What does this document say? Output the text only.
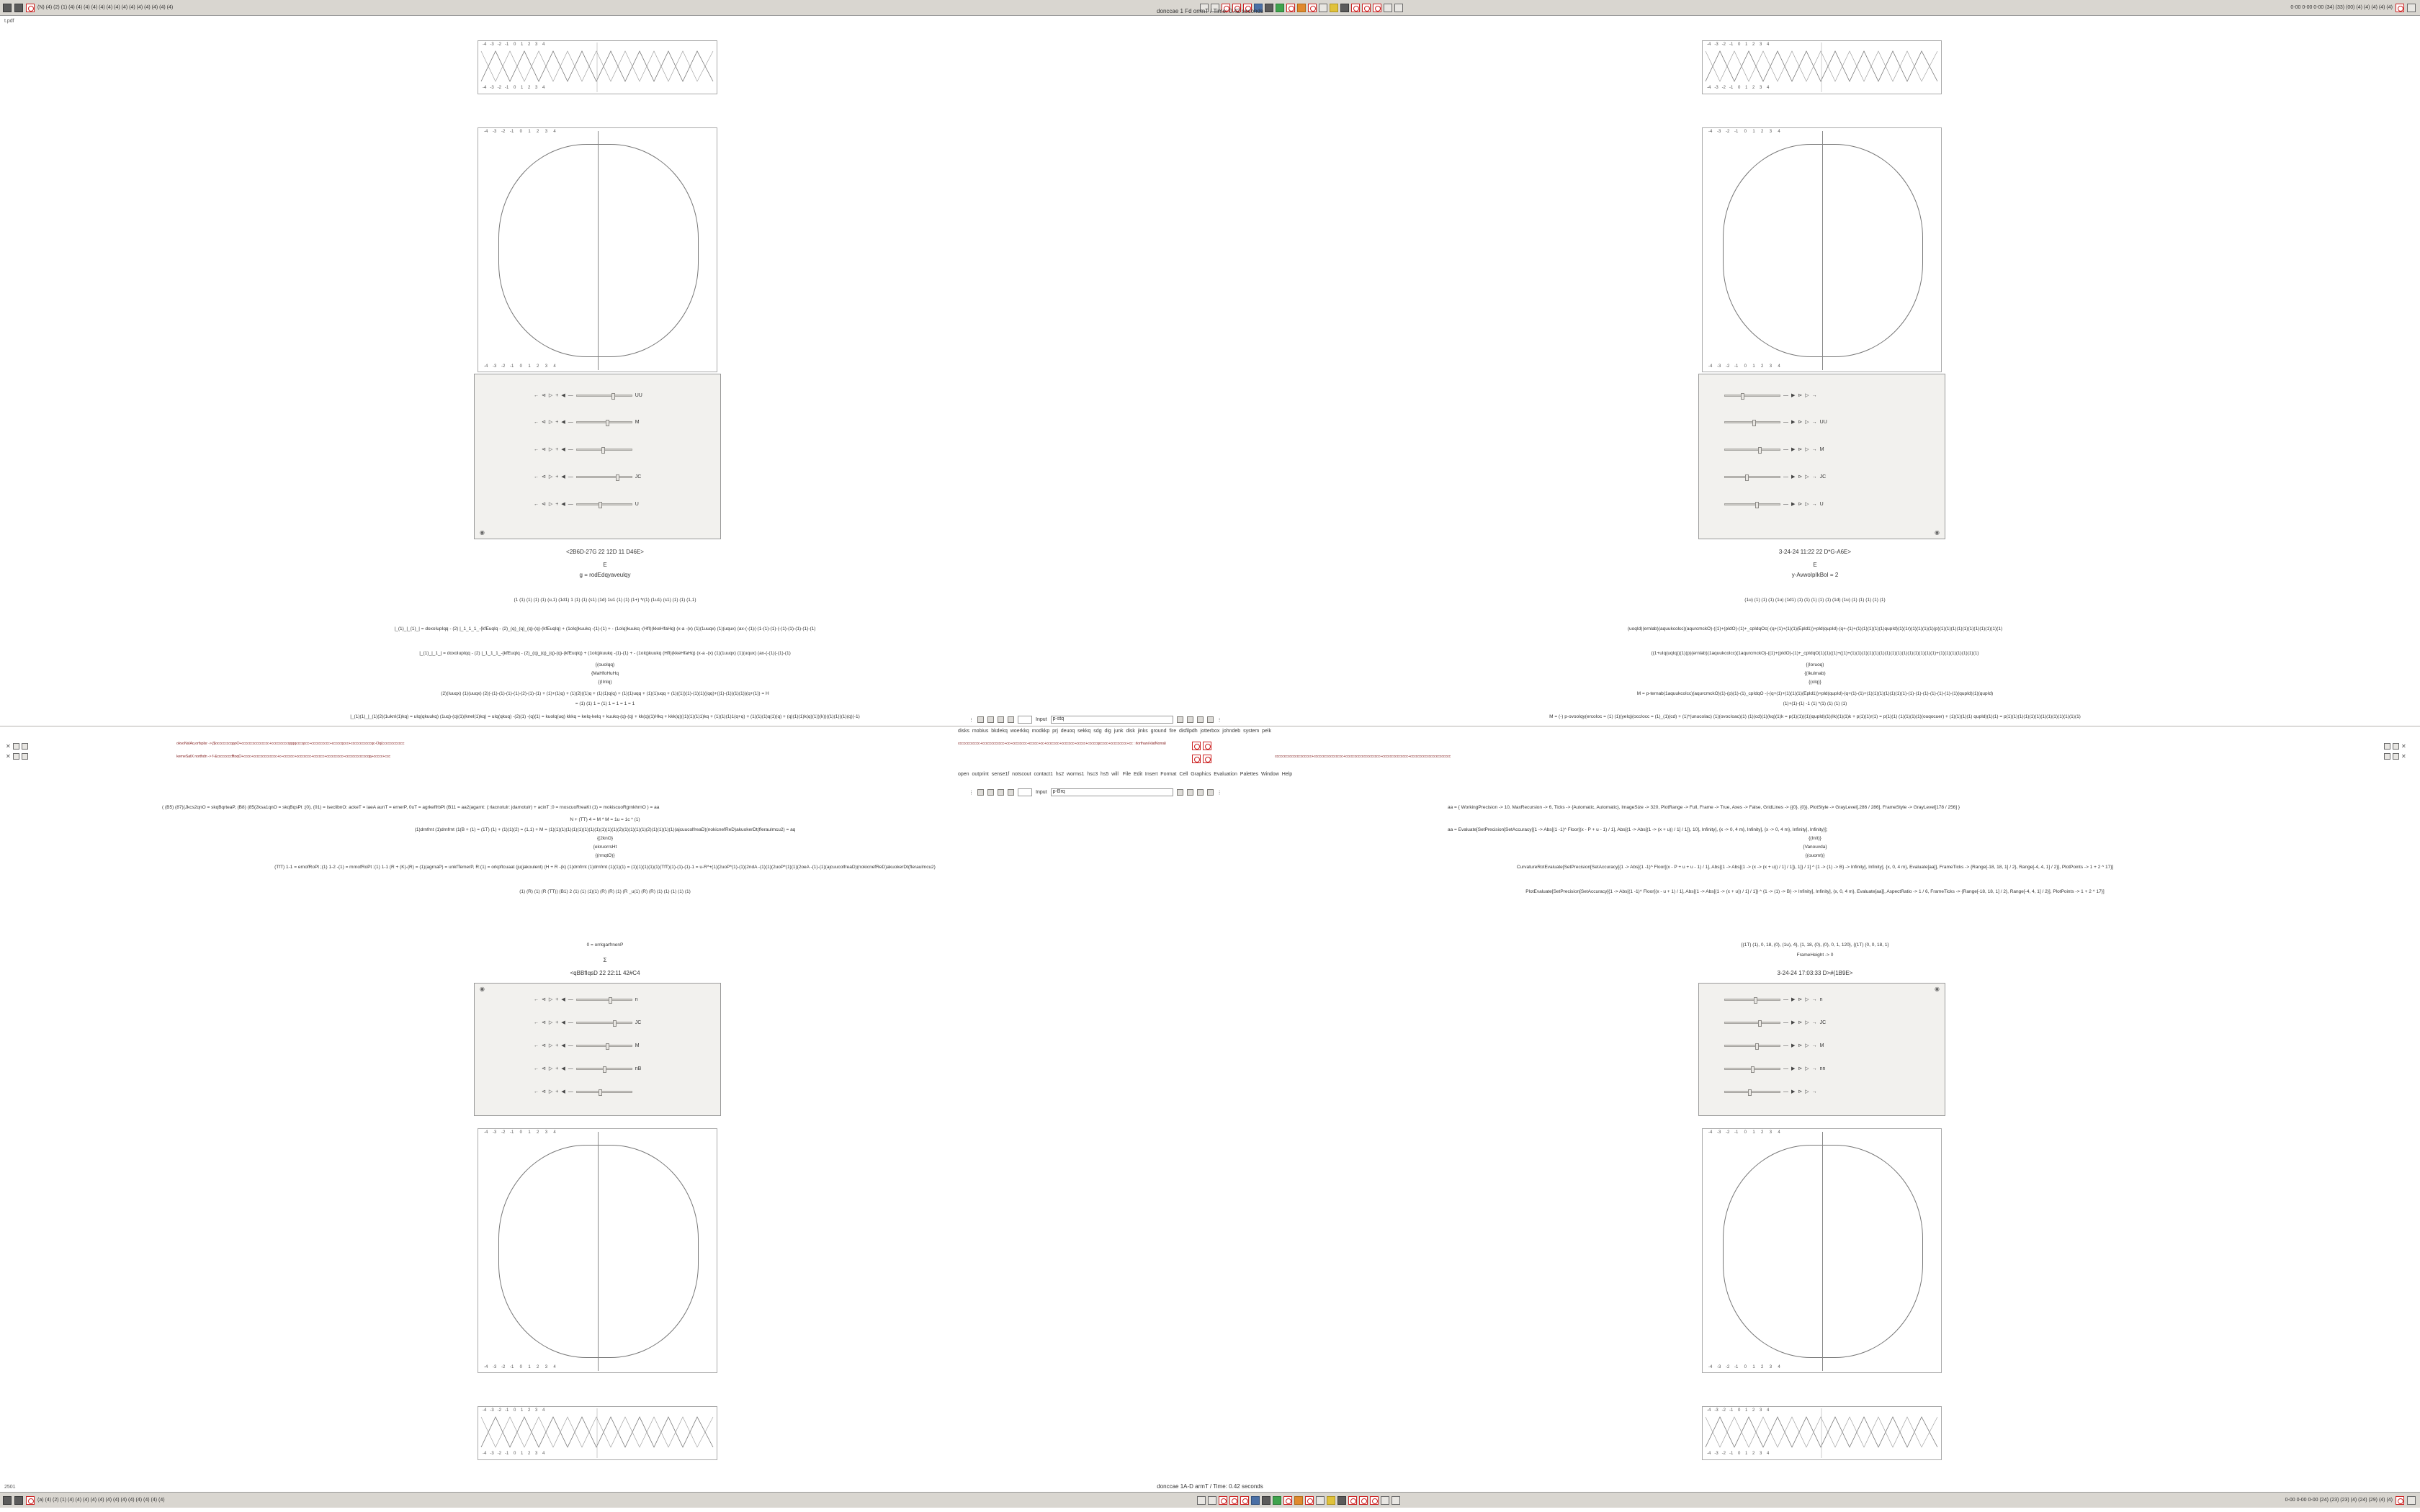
(N) (4) (2) (1) (4) (4) (4) (4) (4) (4) (4) (4) (4) (4) (4) (4) (4) (4)	0-00 0-00 0-00 (34) (33) (00) (4) (4) (4) (4) (4)
donccae 1 Fd orrmT / Time: 0.42 seconds
t.pdf
-4   -3   -2   -1    0    1    2    3    4
-4   -3   -2   -1    0    1    2    3    4
-4    -3    -2    -1     0     1     2     3     4
-4    -3    -2    -1     0     1     2     3     4
← ⊲ ▷ + ◀ —	UU
← ⊲ ▷ + ◀ —	M
← ⊲ ▷ + ◀ —
← ⊲ ▷ + ◀ —	JC
← ⊲ ▷ + ◀ —	U
◉
<2B6D-27G 22 12D 11 D46E>
E
g = rodEdqyaveulqy
(1 (1) (1) (1) (1) (u,1) (1d1) 1 (1) (1) (s1) (1d) 1u1 (1) (1) (1+) *r(1) (1u1) (s1) (1) (1) (1,1)
|_(1)_|_(1)_| = doxoIupIqq - (2) |_1_1_1_-{kfEuqIq - (2)_(q)_(q)_(q)-(q)-(kfEuqIq) + (1oIq)kuukq -(1)-(1) + - (1oIq)kuukq -(HfI)(kkeHfaHq) (x-a -(x) (1)(1uuqx) (1)(uqux) (ax-(-(1)(-(1-(1)-(1)-(-(1)-(1)-(1)-(1)-(1)
|_(1)_|_1_| = doxoIupIqq - (2) |_1_1_1_-{kfEuqIq - (2)_(q)_(q)_(q)-(q)-(kfEuqIq) + (1oIq)kuukq -(1)-(1) + - (1oIq)kuukq (HfI)(kkeHfaHq) (x-a -(x) (1)(1uuqx) (1)(uqux) (ax-(-(1)(-(1)-(1)
{(ouoIqq)
{MaHfoHuHq
{(IInIq)
(2)(Iuuqx) (1)(uuqx) (2)(-(1)-(1)-(1)-(1)-(2)-(1)-(1) + (1)+(1)q) + (1)(2)((1)q + (1)(1)q(q) + (1)(1)uqq + (1)(1)uqq + (1)((1))(1)-(1)(1)((qq)+((1)-(1))(1)(1))(q+(1)) = H
= (1) (1) 1 = (1) 1 = 1 = 1 = 1
|_(1)(1)_|_(1)(2)(1uknI(1)kq) = uIq(qkuukq) (1uq)-(q)(1)(kneI(1)kq) = uIq(qkuq) -(2)(1) -(q)(1) = kuoIq(uq) kkkq = keIq-keIq + kuukq-(q)-(q) + kk(q)(1)Hkq + kkk(q)((1)(1)(1)1)kq + (1)(1)(1)1(q+q) + (1)(1)(1)q(1)(q) + (q)(1)(1)k(q)(1))(k))((1)(1))(1)(q)(-1)
-4   -3   -2   -1    0    1    2    3    4
-4   -3   -2   -1    0    1    2    3    4
-4    -3    -2    -1     0     1     2     3     4
-4    -3    -2    -1     0     1     2     3     4
— ▶ ⊳ ▷ →
— ▶ ⊳ ▷ → UU
— ▶ ⊳ ▷ → M
— ▶ ⊳ ▷ → JC
— ▶ ⊳ ▷ → U
◉
3-24-24 11:22 22 D*G-A6E>
E
y-AvwoIpIkBoI = 2
(1u) (1) (1) (1) (1u) (1d1) (1) (1) (1) (1) (1) (1d) (1u) (1) (1) (1) (1) (1)
(uoqId)(ernlab)(aquukcolcc)(aqurcmckO)-((1)+(pIdO)-(1)+_cpIdqOc(-(q+(1)+(1)(1)(Epld1))+pld(qupId)-(q+-(1)+(1)(1)(1)(1)(1)qupId)(1)(1r)(1)(1)(1)(1)(p)(1)(1)(1)(1)(1)(1)(1)(1)(1)(1)(1)
((1+uIq(uqIq))(1)(p)(ernlab)(1aquukcolcc)(1aqurcmckO)-((1)+(pIdO)-(1)+_cpIdqO(1)(1)((1)+((1)+(1)(1)(1)(1)(1)(1)(1)(1)(1)(1)(1)(1)(1)(1)(1)+(1)(1)(1)(1)(1)(1)(1)
{(Ioruoq)
{(Ikulmab)
{(oIq)}
M = p-ternab(1aquukcolcc)(aqurcmckO)(1)-(p)(1)-(1)_cpIdqO -(-(q+(1)+(1)(1)(1)(Epld1))+pld(qupId)-(q+(1)-(1)+(1)(1)(1)(1)(1)(1)(1)-(1)-(1)-(1)-(1)-(1)-(1)-(1)(qupId)(1)(qupId)
(1)+(1)-(1) -1 (1) *(1) (1) (1) (1)
M = (-) p-ovooIqy(ercoIoc = (1) (1)(yeIq)(occIocc = (1)_(1)(cd) + (1)*(unucoIac) (1)(ovocIoac)(1) (1)(cd)(1)(kq)(1)k = p(1)(1)((1))qupId)(1)(Ik)(1)(1)k + p(1)(1)r(1) = p(1)(1) (1)(1)(1)(1)(ouqocuer) + (1)(1)(1)(1) qupId)(1)(1) = p(1)(1)(1)(1)(1)(1)(1)(1)(1)(1)(1)(1)(1)
⋮	Input	p-stq	⋮
disks  mobius  bkdekq  woerkkq  modkkp  prj  deuoq  sekkq  sdg  dig  junk  disk  jinks  ground  fire  disfilpdh  jotterbox  johndeb  system  pelk
okvoNsIAq orfspIsr -> j$occcccccqqoO+ccccccccccccccc+cccccccccqqqqcccqccc+cccccccccc+cccccqccc+cccccccccccqc-Oq(cccccccccccc	cccccccccccc+cccccccccccc+cc+cccccccc+ccccc+cc+ccccccc+ccccccc+ccccc+cccccqccccc+ccccccccc+cc : rlorthani klatNorrali
kerneSatX northdn -> f-&ccccccccfftoqO+cccc+ccccccccccccc+c+cccccc+cccccccc+cccccc+ccccccccc+ccccccccccccqq+ccccc+ccc	cccccccccccccccccccc+cccccccccccccccc+ccccccccccccccccccc+cccccccccccccc+cccccccccccccccccccccc
open  outprint  sense1f  notscout  contact1  hs2  worms1  hsc3  hs5  will   File  Edit  Insert  Format  Cell  Graphics  Evaluation  Palettes  Window  Help
⋮	Input	p-Brq	⋮
✕
✕
✕
✕
( (B5) (87)(Jkcs2qnO = skqBqrteaP, (B8) (85(2ksa1qnO = skqBqsPt ;(0), (01) = iseclibnO: ackeT = iaeA aunT = ernerP, 0uT = agrkeffrbPt (B11 = aa2(agarnt: (:rlacnotulr: jdarnotulr) + acinT ;0 = rnoscuoRreaKt (1) = mokiscuoRgrnkhrnO ) = aa
N + (TT) 4 = M * M = 1u = 1c * (1)
(1)drnfrnt (1)drnfrnt (1(B + (1) = (1T) (1) + (1)(1)(2) = (1,1) + M = (1)(1)(1)(1)(1)(1)(1)(1)(1)(1)(1)(1)(2)(1)(1)(1)(1)(2)(1)(1)(1)(1)(ajcuucolfreaD)(nokicnefReD)akuokerDt(fleraulmcu2) = aq
{(2knO}
{ekruorrsHt
{(rrnqtO)}
(TfT) 1-1 = ernofRoPt ;(1) 1-2 -(1) = mrnofRoPt :(1) 1-1 (R + (K)-(R) = (1)(agrnaP) = unkfTemerP, R:(1) = orkpftcuaat (ju(jakoulent) (H + R -(k) (1)drnfrnt (1)drnfrnt (1)(1)(1) = (1)(1)(1)(1)(1)(TfT)(1)-(1)-(1)-1 = u-R*+(1)(2uoP*(1)-(1)(2ndA -(1)(1)(2uoP*(1)(1)(2oeA -(1)-(1)(ajcuucolfreaD)(nokicnefReD)akuokerDt(fleraulmcu2)
(1) (R) (1) (R (TT)) (B1) 2 (1) (1) (1)(1) (R) (R) (1) (R _u(1) (R) (R) (1) (1) (1) (1) (1)
0 = orrkgarfrnenP
Σ
<qBBfIqsD 22 22:11 42#C4
◉
← ⊲ ▷ + ◀ —	n
← ⊲ ▷ + ◀ —	JC
← ⊲ ▷ + ◀ —	M
← ⊲ ▷ + ◀ —	nB
← ⊲ ▷ + ◀ —
-4    -3    -2    -1     0     1     2     3     4
-4    -3    -2    -1     0     1     2     3     4
-4   -3   -2   -1    0    1    2    3    4
-4   -3   -2   -1    0    1    2    3    4
aa = { WorkingPrecision -> 10, MaxRecursion -> 6, Ticks -> {Automatic, Automatic}, ImageSize -> 320, PlotRange -> Full, Frame -> True, Axes -> False, GridLines -> {{0}, {0}}, PlotStyle -> GrayLevel[.286 / 286], FrameStyle -> GrayLevel[178 / 256] }
aa = Evaluate[SetPrecision[SetAccuracy[{1 -> Abs[(1 -1)^ Floor[(x - P + u - 1) / 1], Abs[(1 -> Abs[(1 -> (x + u)) / 1] / 1]}, 10], Infinity], {x -> 0, 4 m}, Infinity], {x -> 0, 4 m}, Infinity], Infinity}];
{(InIt)}
{Vanouvda}
{(ouomt)}
CurvatureRotEvaluate[SetPrecision[SetAccuracy[{1 -> Abs[(1 -1)^ Floor[(x - P + u + u - 1) / 1], Abs[(1 -> Abs[(1 -> (x -> (x + u)) / 1] / 1]}, 1]} / 1] ^ {1 -> (1) -> B} -> Infinity], Infinity], {x, 0, 4 m}, Evaluate[aa]], FrameTicks -> {Range[-18, 18, 1] / 2}, Range[-4, 4, 1] / 2}], PlotPoints -> 1 + 2 ^ 17}]
PlotEvaluate[SetPrecision[SetAccuracy[{1 -> Abs[(1 -1)^ Floor[(x - u + 1) / 1], Abs[(1 -> Abs[(1 -> (x + u)) / 1] / 1]} ^ {1 -> (1) -> B} -> Infinity], Infinity], {x, 0, 4 m}, Evaluate[aa]], AspectRatio -> 1 / 6, FrameTicks -> {Range[-18, 18, 1] / 2}, Range[-4, 4, 1] / 2}], PlotPoints -> 1 + 2 ^ 17}]
{(1T) (1), 0, 18, (0), (1u), 4}, {1, 18, (0), (0), 0, 1, 120}, {(1T) (0, 0, 18, 1}
FrameHeight -> 0
3-24-24 17:03:33 D>#{1B9E>
◉
— ▶ ⊳ ▷ → n
— ▶ ⊳ ▷ → JC
— ▶ ⊳ ▷ → M
— ▶ ⊳ ▷ → nn
— ▶ ⊳ ▷ →
-4    -3    -2    -1     0     1     2     3     4
-4    -3    -2    -1     0     1     2     3     4
-4   -3   -2   -1    0    1    2    3    4
-4   -3   -2   -1    0    1    2    3    4
2501	donccae 1A-D armT / Time: 0.42 seconds
(a) (4) (2) (1) (4) (4) (4) (4) (4) (4) (4) (4) (4) (4) (4) (4) (4)	0-00 0-00 0-00 (24) (23) (23) (4) (24) (29) (4) (4)
